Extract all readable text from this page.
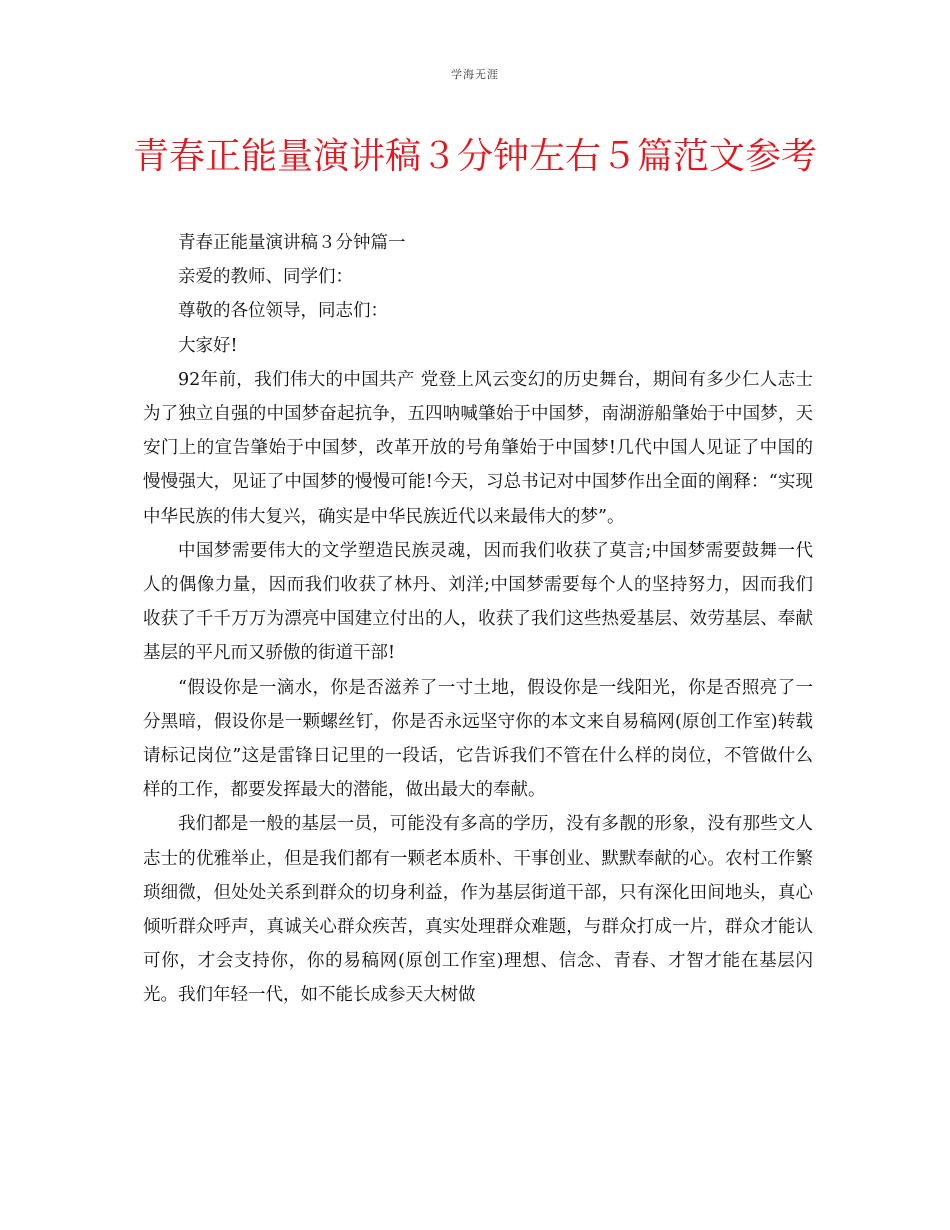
学海无涯
青春正能量演讲稿３分钟左右５篇范文参考

青春正能量演讲稿３分钟篇一

亲爱的教师、同学们：

尊敬的各位领导，同志们：

大家好!

92年前，我们伟大的中国共产 党登上风云变幻的历史舞台，期间有多少仁人志士为了独立自强的中国梦奋起抗争，五四呐喊肇始于中国梦，南湖游船肇始于中国梦，天安门上的宣告肇始于中国梦，改革开放的号角肇始于中国梦!几代中国人见证了中国的慢慢强大，见证了中国梦的慢慢可能!今天，习总书记对中国梦作出全面的阐释：“实现中华民族的伟大复兴，确实是中华民族近代以来最伟大的梦”。

中国梦需要伟大的文学塑造民族灵魂，因而我们收获了莫言;中国梦需要鼓舞一代人的偶像力量，因而我们收获了林丹、刘洋;中国梦需要每个人的坚持努力，因而我们收获了千千万万为漂亮中国建立付出的人，收获了我们这些热爱基层、效劳基层、奉献基层的平凡而又骄傲的街道干部!

“假设你是一滴水，你是否滋养了一寸土地，假设你是一线阳光，你是否照亮了一分黑暗，假设你是一颗螺丝钉，你是否永远坚守你的本文来自易稿网(原创工作室)转载请标记岗位”这是雷锋日记里的一段话，它告诉我们不管在什么样的岗位，不管做什么样的工作，都要发挥最大的潜能，做出最大的奉献。

我们都是一般的基层一员，可能没有多高的学历，没有多靓的形象，没有那些文人志士的优雅举止，但是我们都有一颗老本质朴、干事创业、默默奉献的心。农村工作繁琐细微，但处处关系到群众的切身利益，作为基层街道干部，只有深化田间地头，真心倾听群众呼声，真诚关心群众疾苦，真实处理群众难题，与群众打成一片，群众才能认可你，才会支持你，你的易稿网(原创工作室)理想、信念、青春、才智才能在基层闪光。我们年轻一代，如不能长成参天大树做
